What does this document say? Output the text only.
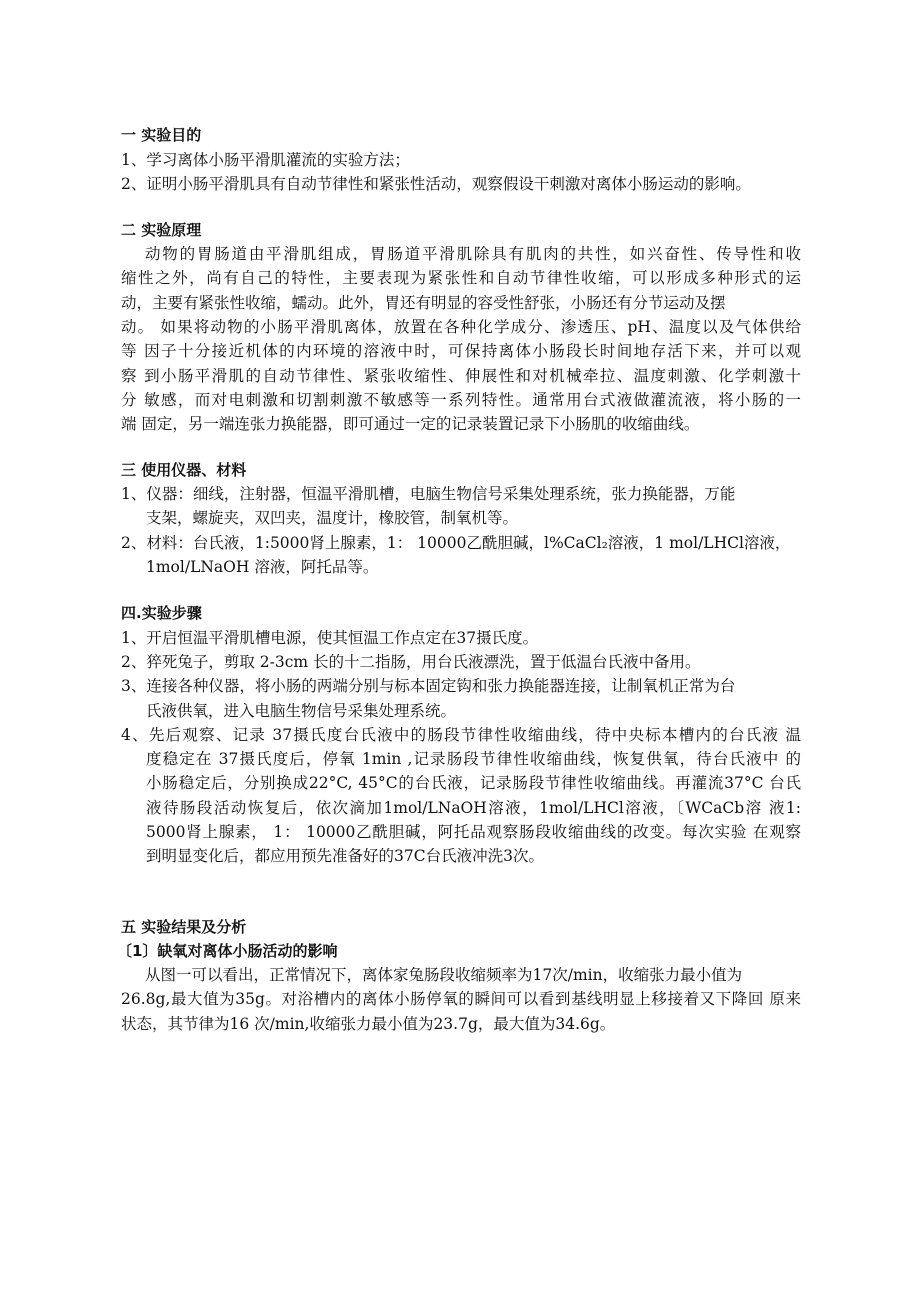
一 实验目的
1、学习离体小肠平滑肌灌流的实验方法；
2、证明小肠平滑肌具有自动节律性和紧张性活动，观察假设干刺激对离体小肠运动的影响。
二 实验原理
动物的胃肠道由平滑肌组成，胃肠道平滑肌除具有肌肉的共性，如兴奋性、传导性和收
缩性之外，尚有自己的特性，主要表现为紧张性和自动节律性收缩，可以形成多种形式的运
动，主要有紧张性收缩，蠕动。此外，胃还有明显的容受性舒张，小肠还有分节运动及摆
动。 如果将动物的小肠平滑肌离体，放置在各种化学成分、渗透压、pH、温度以及气体供给
等 因子十分接近机体的内环境的溶液中时，可保持离体小肠段长时间地存活下来，并可以观
察 到小肠平滑肌的自动节律性、紧张收缩性、伸展性和对机械牵拉、温度刺激、化学刺激十
分 敏感，而对电刺激和切割刺激不敏感等一系列特性。通常用台式液做灌流液，将小肠的一
端 固定，另一端连张力换能器，即可通过一定的记录装置记录下小肠肌的收缩曲线。
三 使用仪器、材料
1、仪器：细线，注射器，恒温平滑肌槽，电脑生物信号采集处理系统，张力换能器，万能
支架，螺旋夹，双凹夹，温度计，橡胶管，制氧机等。
2、材料：台氏液，1:5000肾上腺素，1： 10000乙酰胆碱，l%CaCl₂溶液，1 mol/LHCl溶液，
1mol/LNaOH 溶液，阿托品等。
四.实验步骤
1、开启恒温平滑肌槽电源，使其恒温工作点定在37摄氏度。
2、猝死兔子，剪取 2-3cm 长的十二指肠，用台氏液漂洗，置于低温台氏液中备用。
3、连接各种仪器，将小肠的两端分别与标本固定钩和张力换能器连接，让制氧机正常为台
氏液供氧，进入电脑生物信号采集处理系统。
4、先后观察、记录 37摄氏度台氏液中的肠段节律性收缩曲线，待中央标本槽内的台氏液 温
度稳定在 37摄氏度后，停氧 1min ,记录肠段节律性收缩曲线，恢复供氧，待台氏液中 的
小肠稳定后，分别换成22°C, 45°C的台氏液，记录肠段节律性收缩曲线。再灌流37°C 台氏
液待肠段活动恢复后，依次滴加1mol/LNaOH溶液，1mol/LHCl溶液，〔WCaCb溶 液1:
5000肾上腺素， 1： 10000乙酰胆碱，阿托品观察肠段收缩曲线的改变。每次实验 在观察
到明显变化后，都应用预先准备好的37C台氏液冲洗3次。
五 实验结果及分析
〔1〕缺氧对离体小肠活动的影响
从图一可以看出，正常情况下，离体家兔肠段收缩频率为17次/min，收缩张力最小值为
26.8g,最大值为35g。对浴槽内的离体小肠停氧的瞬间可以看到基线明显上移接着又下降回 原来
状态，其节律为16 次/min,收缩张力最小值为23.7g，最大值为34.6g。
